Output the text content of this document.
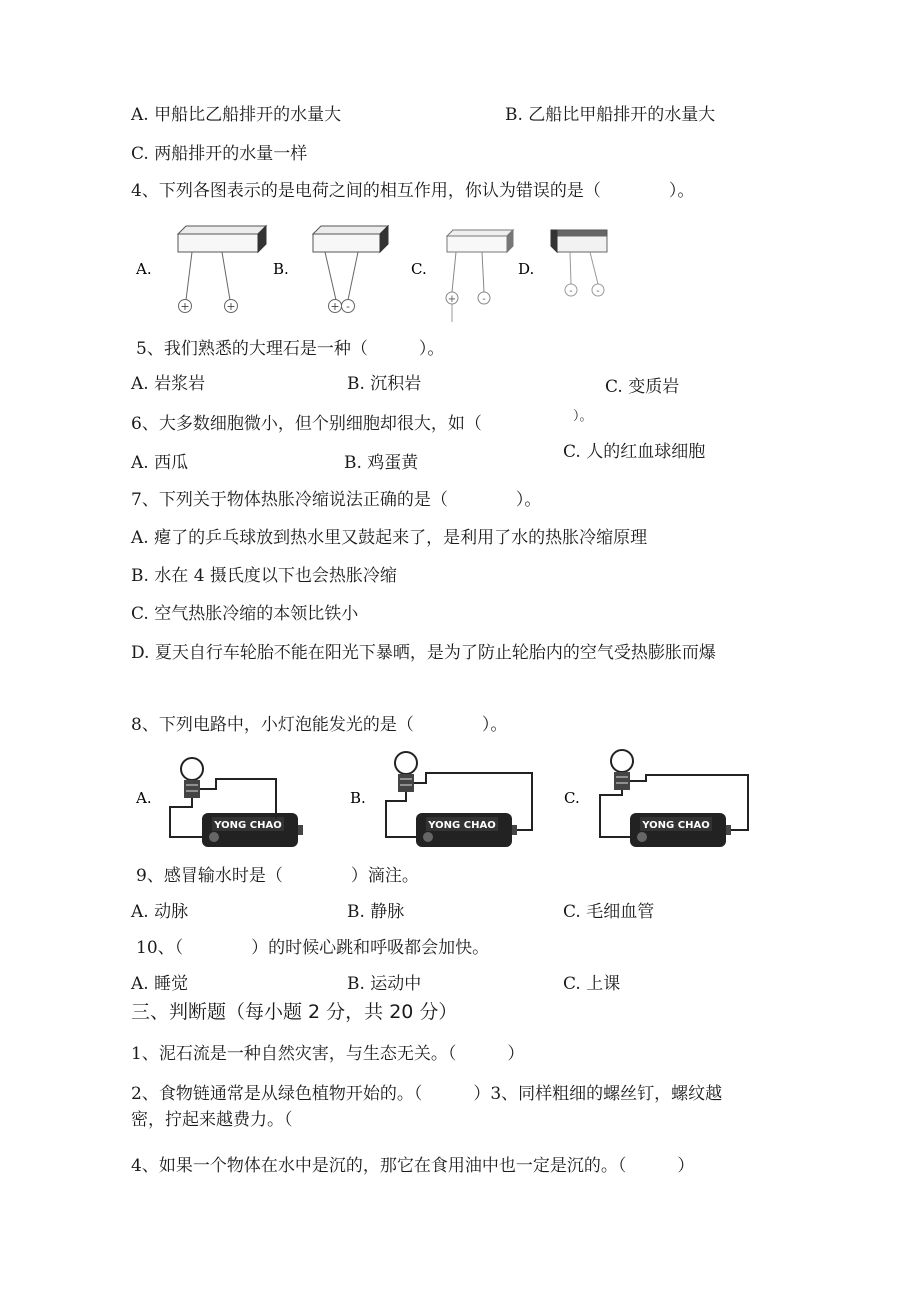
A. 甲船比乙船排开的水量大	B. 乙船比甲船排开的水量大
C. 两船排开的水量一样
4、下列各图表示的是电荷之间的相互作用，你认为错误的是（　　　　）。
A.
+	+
B.
+ -
C.
+	-
D.
- -
5、我们熟悉的大理石是一种（　　　）。
A. 岩浆岩	B. 沉积岩	C. 变质岩
6、大多数细胞微小，但个别细胞却很大，如（	）。
A. 西瓜	B. 鸡蛋黄
C. 人的红血球细胞
7、下列关于物体热胀冷缩说法正确的是（　　　　）。
A. 瘪了的乒乓球放到热水里又鼓起来了，是利用了水的热胀冷缩原理
B. 水在 4 摄氏度以下也会热胀冷缩
C. 空气热胀冷缩的本领比铁小
D. 夏天自行车轮胎不能在阳光下暴晒，是为了防止轮胎内的空气受热膨胀而爆
8、下列电路中，小灯泡能发光的是（　　　　）。
A.
YONG CHAO
B.
YONG CHAO
C.
YONG CHAO
9、感冒输水时是（　　　　）滴注。
A. 动脉	B. 静脉	C. 毛细血管
10、（　　　　）的时候心跳和呼吸都会加快。
A. 睡觉	B. 运动中	C. 上课
三、判断题（每小题 2 分，共 20 分）
1、泥石流是一种自然灾害，与生态无关。（　　　）
2、食物链通常是从绿色植物开始的。（　　　）3、同样粗细的螺丝钉，螺纹越
密，拧起来越费力。（
4、如果一个物体在水中是沉的，那它在食用油中也一定是沉的。（　　　）
